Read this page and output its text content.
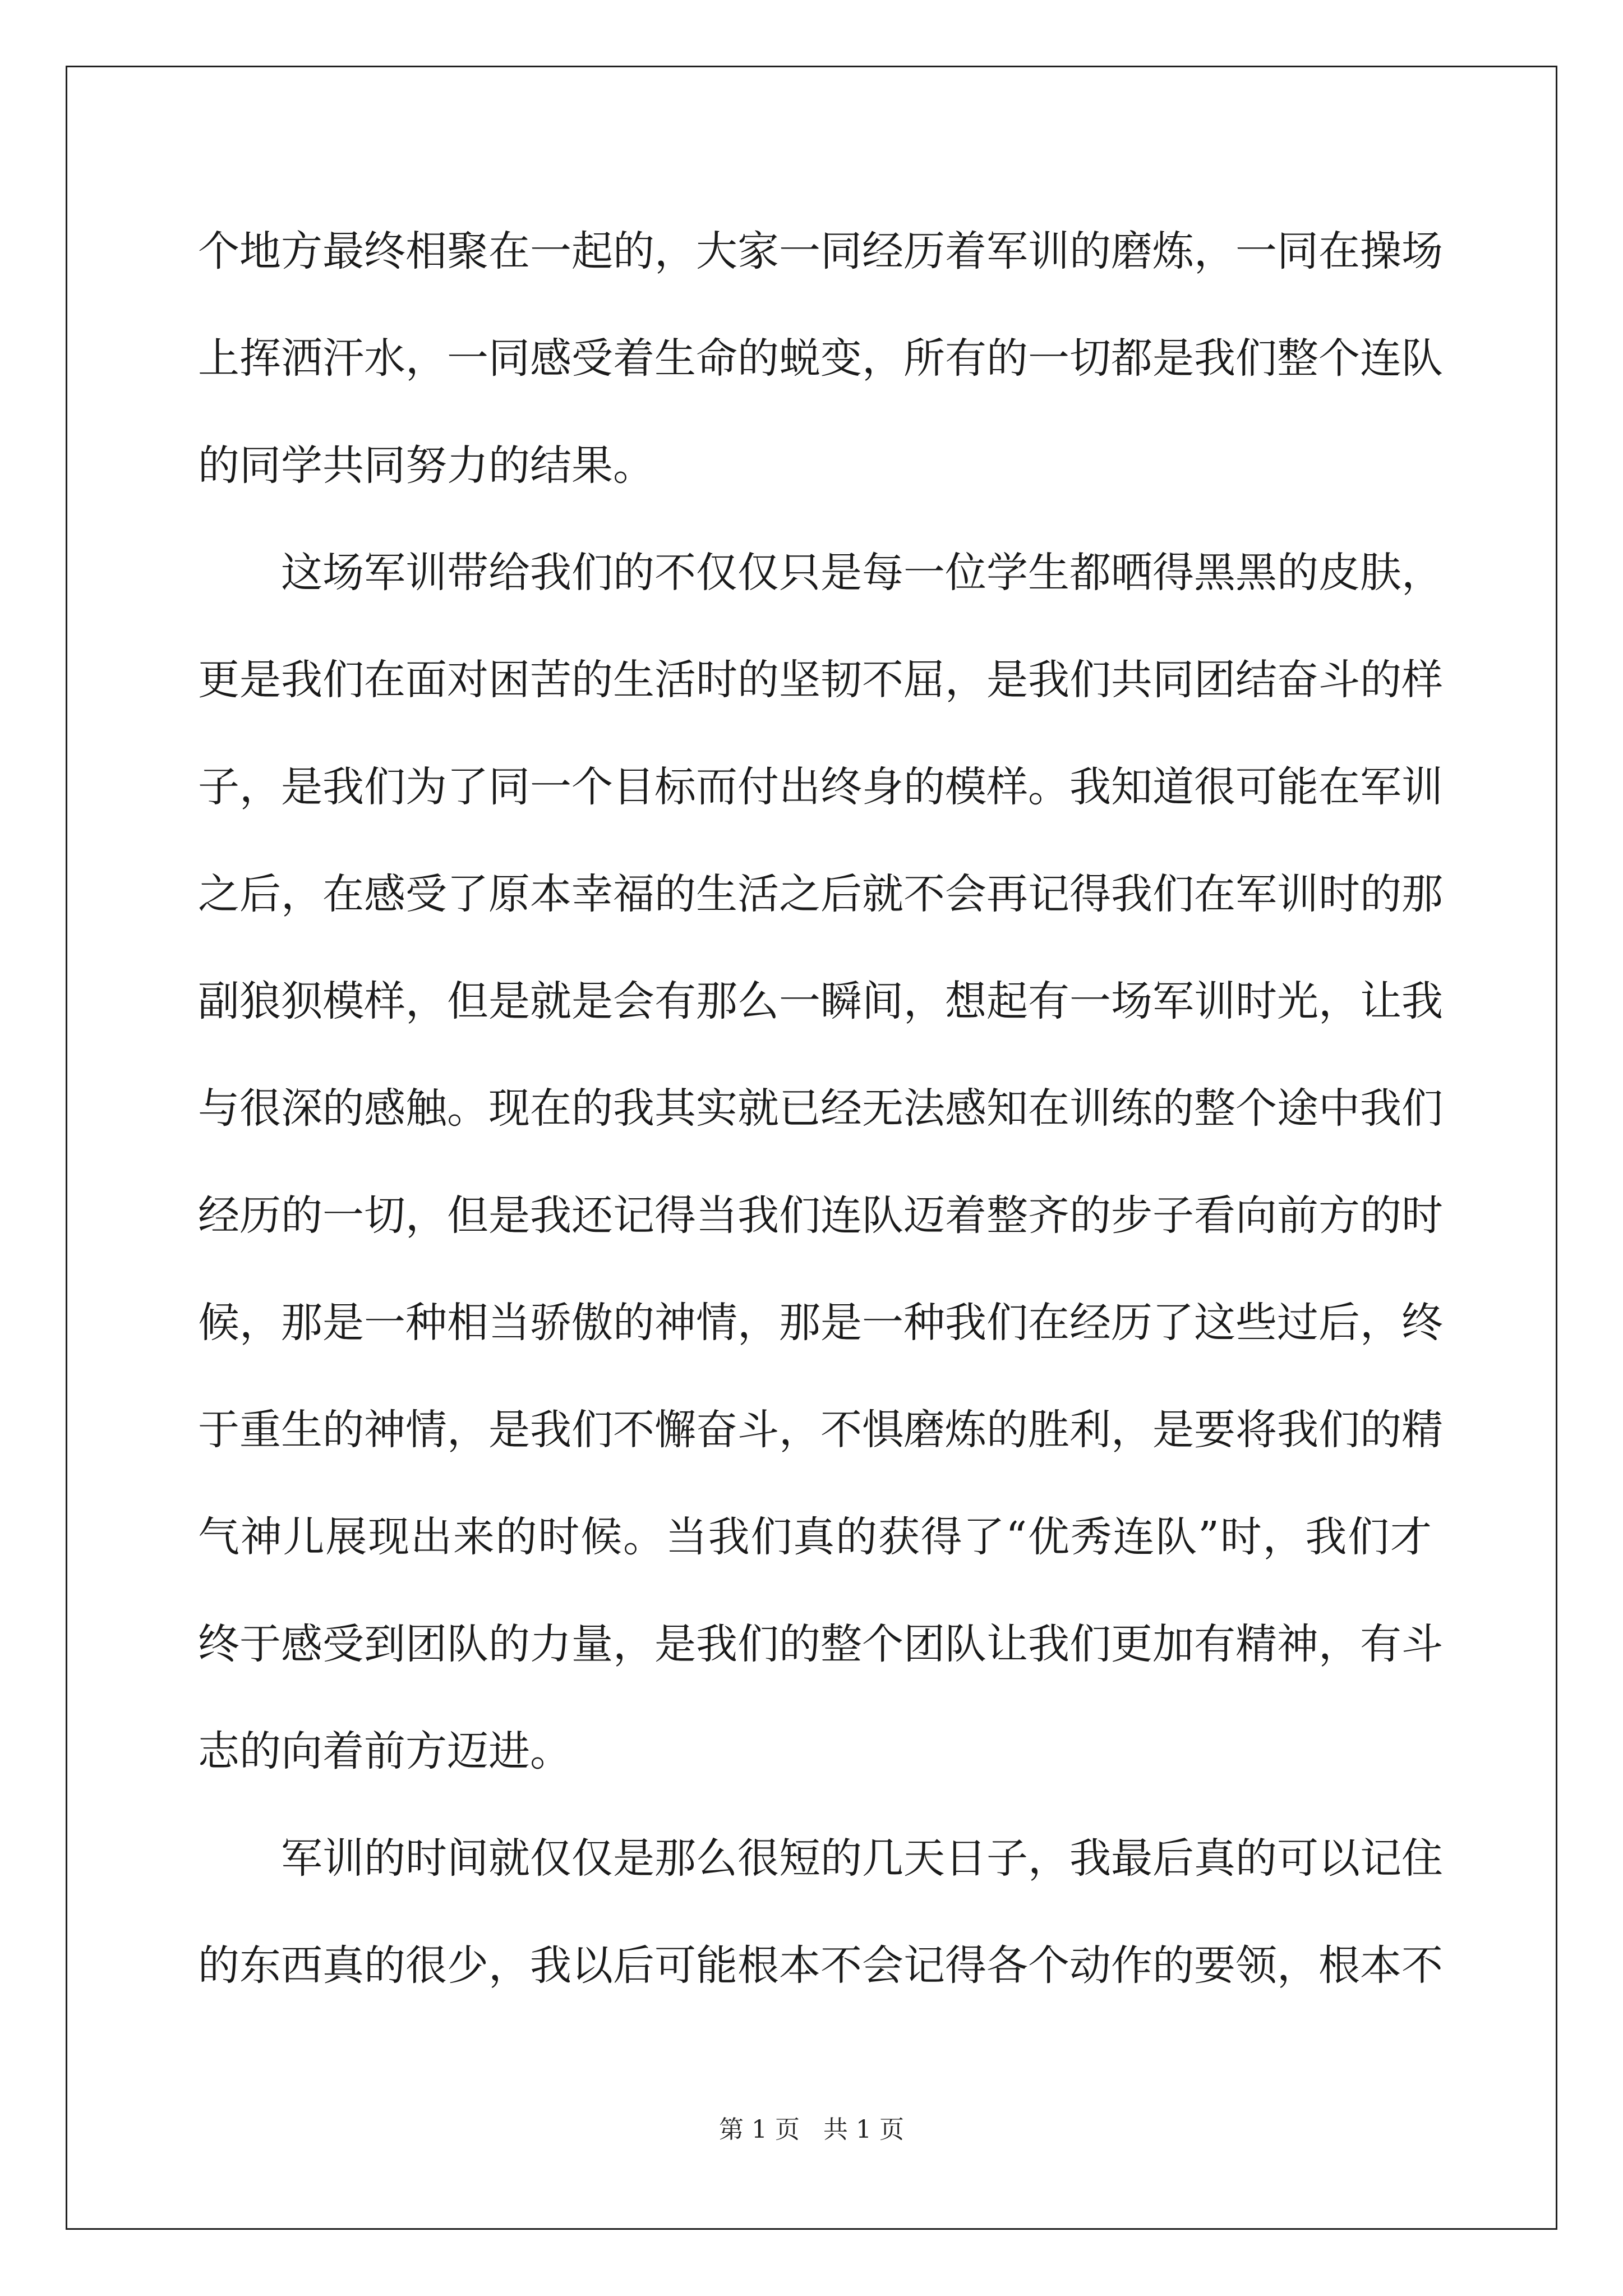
个地方最终相聚在一起的，大家一同经历着军训的磨炼，一同在操场
上挥洒汗水，一同感受着生命的蜕变，所有的一切都是我们整个连队
的同学共同努力的结果。
这场军训带给我们的不仅仅只是每一位学生都晒得黑黑的皮肤，
更是我们在面对困苦的生活时的坚韧不屈，是我们共同团结奋斗的样
子，是我们为了同一个目标而付出终身的模样。我知道很可能在军训
之后，在感受了原本幸福的生活之后就不会再记得我们在军训时的那
副狼狈模样，但是就是会有那么一瞬间，想起有一场军训时光，让我
与很深的感触。现在的我其实就已经无法感知在训练的整个途中我们
经历的一切，但是我还记得当我们连队迈着整齐的步子看向前方的时
候，那是一种相当骄傲的神情，那是一种我们在经历了这些过后，终
于重生的神情，是我们不懈奋斗，不惧磨炼的胜利，是要将我们的精
气神儿展现出来的时候。当我们真的获得了“优秀连队”时，我们才
终于感受到团队的力量，是我们的整个团队让我们更加有精神，有斗
志的向着前方迈进。
军训的时间就仅仅是那么很短的几天日子，我最后真的可以记住
的东西真的很少，我以后可能根本不会记得各个动作的要领，根本不
第 1 页   共 1 页
